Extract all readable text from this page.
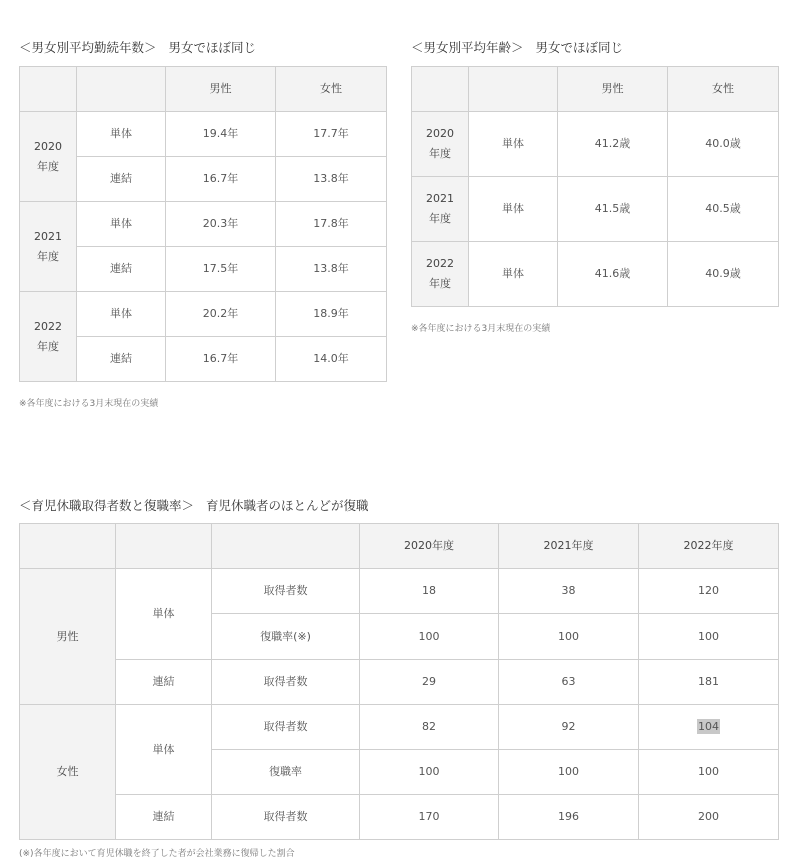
＜男女別平均勤続年数＞ 男女でほぼ同じ
		男性	女性
2020
年度	単体	19.4年	17.7年
	連結	16.7年	13.8年
2021
年度	単体	20.3年	17.8年
	連結	17.5年	13.8年
2022
年度	単体	20.2年	18.9年
	連結	16.7年	14.0年

※各年度における3月末現在の実績

＜男女別平均年齢＞ 男女でほぼ同じ
		男性	女性
2020
年度	単体	41.2歳	40.0歳
2021
年度	単体	41.5歳	40.5歳
2022
年度	単体	41.6歳	40.9歳

※各年度における3月末現在の実績

＜育児休職取得者数と復職率＞ 育児休職者のほとんどが復職
			2020年度	2021年度	2022年度
男性	単体	取得者数	18	38	120
		復職率(※)	100	100	100
	連結	取得者数	29	63	181
女性	単体	取得者数	82	92	104
		復職率	100	100	100
	連結	取得者数	170	196	200

(※)各年度において育児休職を終了した者が会社業務に復帰した割合
